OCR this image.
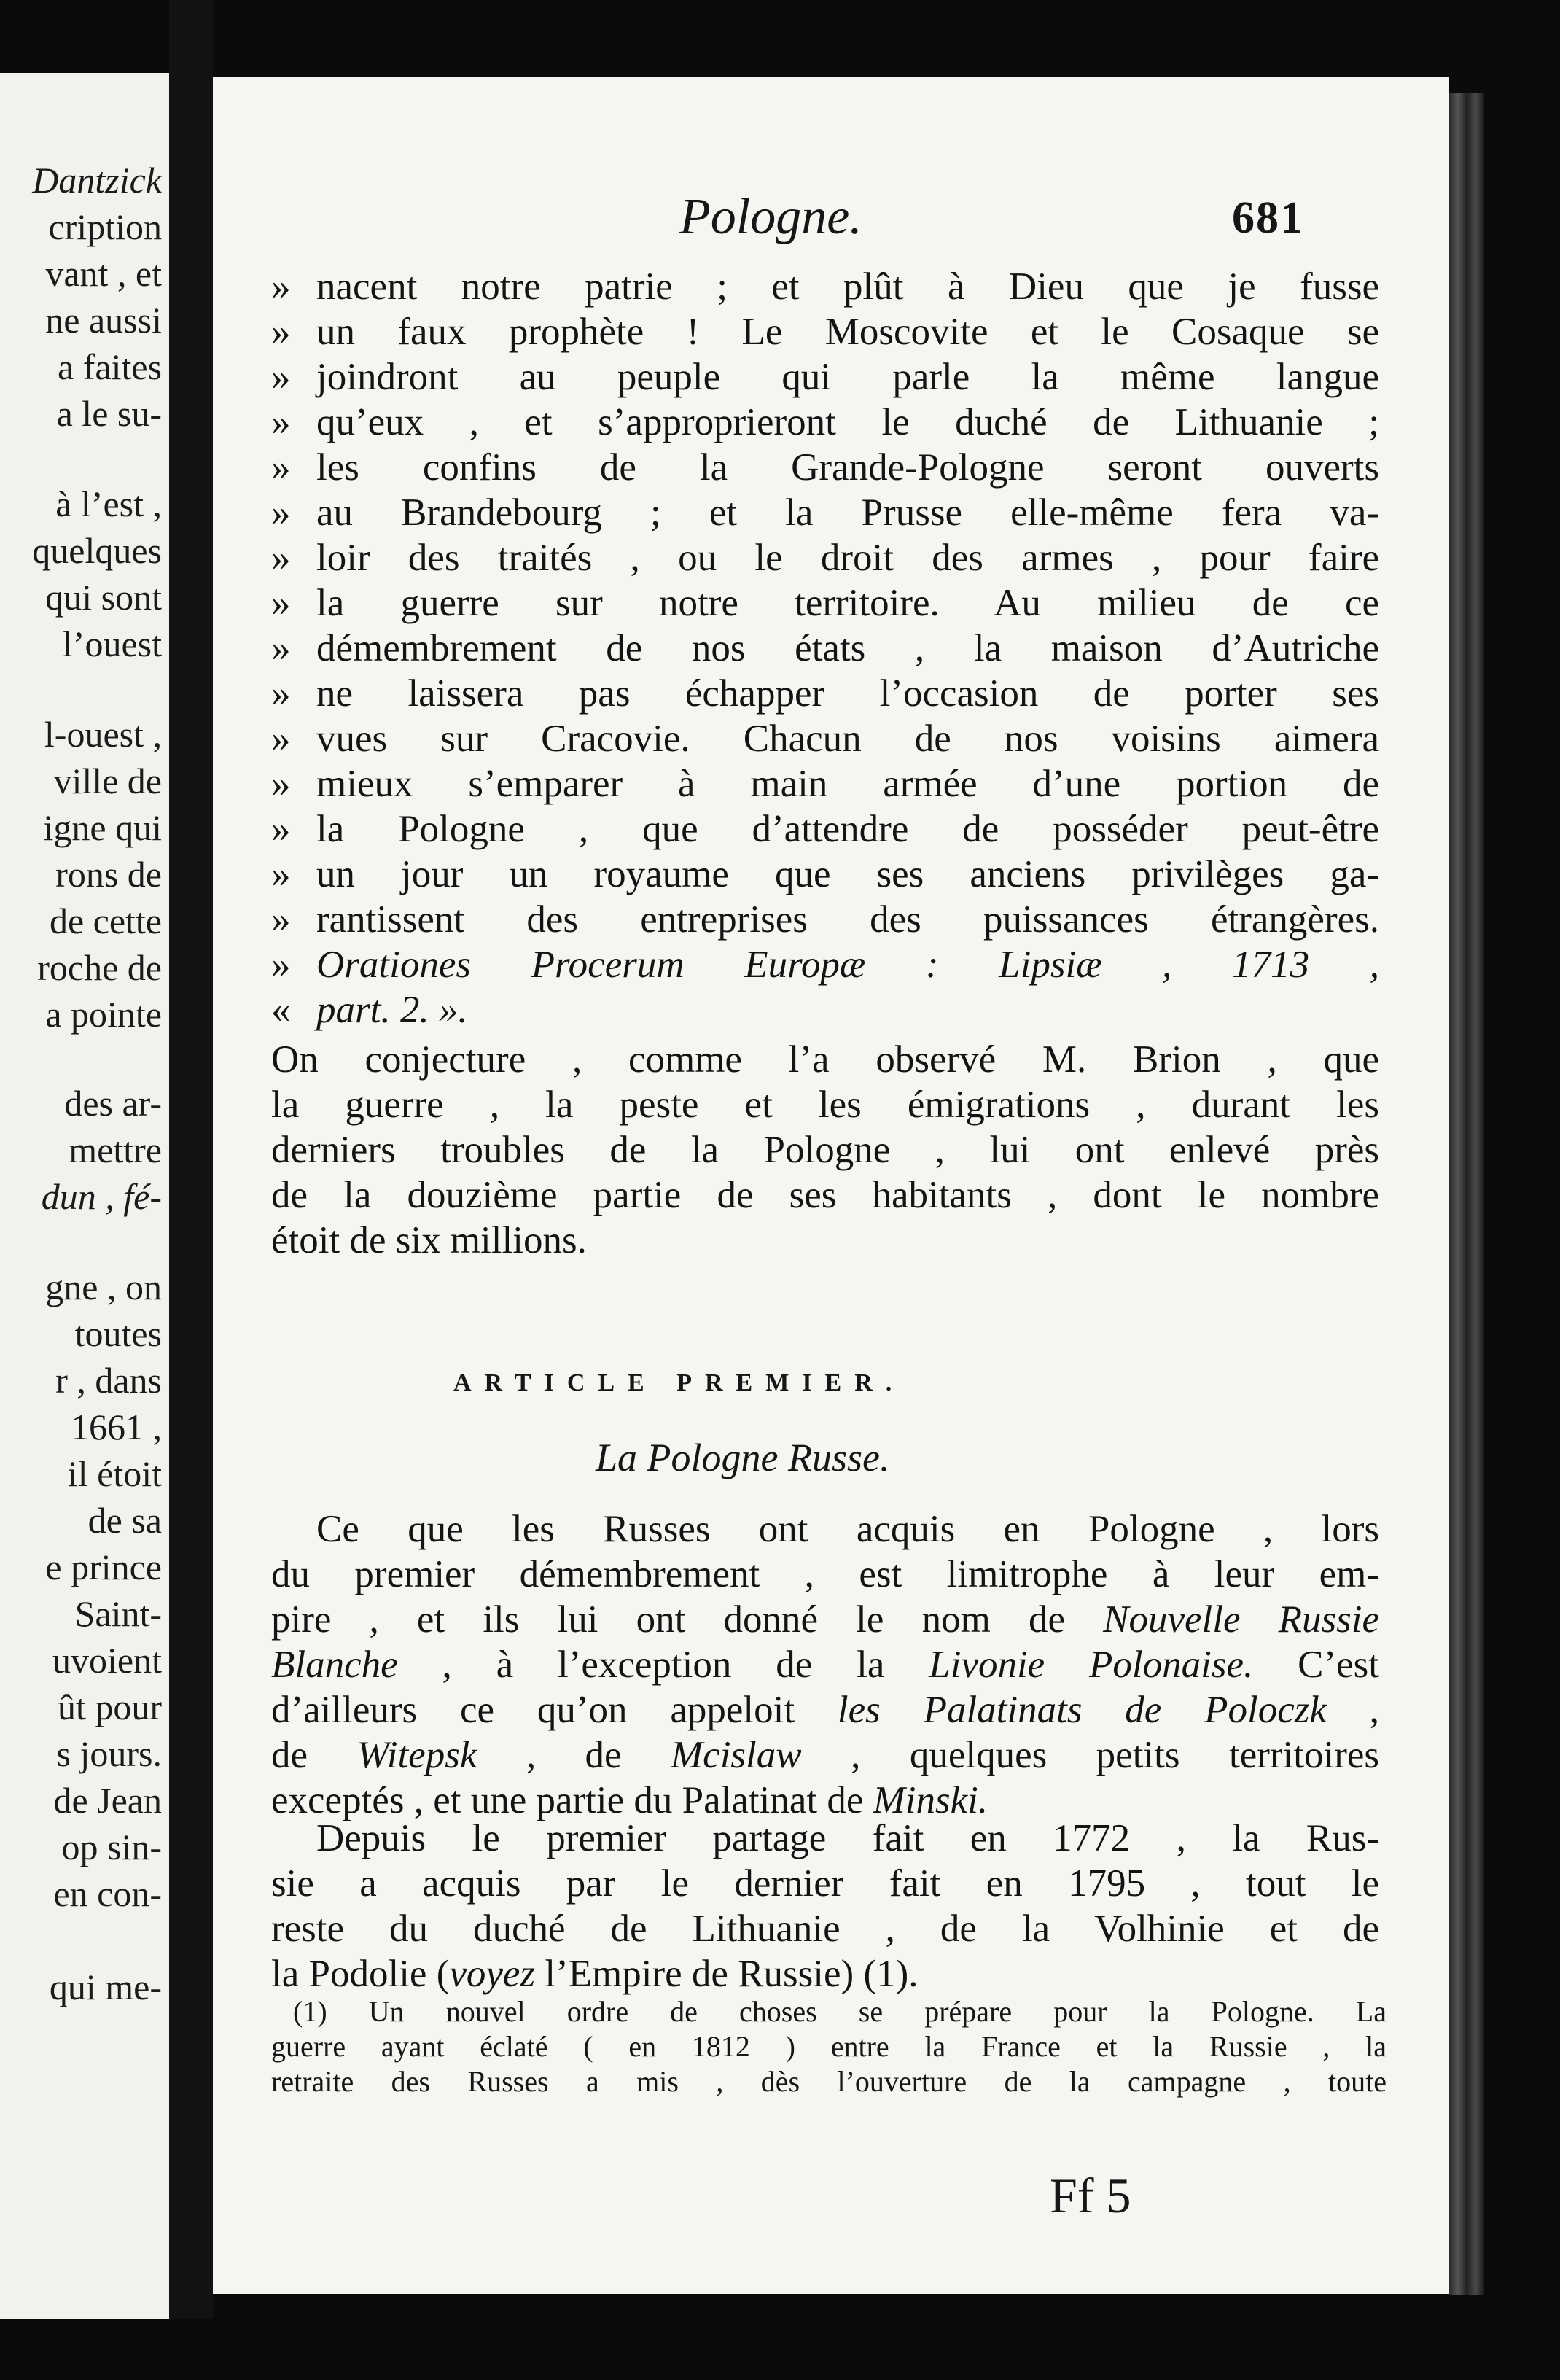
Dantzick
cription
vant , et
ne aussi
a faites
a le su-
à l’est ,
quelques
qui sont
l’ouest
l-ouest ,
ville de
igne qui
rons de
de cette
roche de
a pointe
des ar-
mettre
dun , fé-
gne , on
toutes
r , dans
1661 ,
il étoit
de sa
e prince
Saint-
uvoient
ût pour
s jours.
de Jean
op sin-
en con-
qui me-
Pologne.	681
» nacent notre patrie ; et plût à Dieu que je fusse
» un faux prophète ! Le Moscovite et le Cosaque se
» joindront au peuple qui parle la même langue
» qu’eux , et s’approprieront le duché de Lithuanie ;
» les confins de la Grande-Pologne seront ouverts
» au Brandebourg ; et la Prusse elle-même fera va-
» loir des traités , ou le droit des armes , pour faire
» la guerre sur notre territoire. Au milieu de ce
» démembrement de nos états , la maison d’Autriche
» ne laissera pas échapper l’occasion de porter ses
» vues sur Cracovie. Chacun de nos voisins aimera
» mieux s’emparer à main armée d’une portion de
» la Pologne , que d’attendre de posséder peut-être
» un jour un royaume que ses anciens privilèges ga-
» rantissent des entreprises des puissances étrangères.
» Orationes Procerum Europæ : Lipsiæ , 1713 ,
« part. 2. ».
On conjecture , comme l’a observé M. Brion , que
la guerre , la peste et les émigrations , durant les
derniers troubles de la Pologne , lui ont enlevé près
de la douzième partie de ses habitants , dont le nombre
étoit de six millions.
ARTICLE PREMIER.
La Pologne Russe.
Ce que les Russes ont acquis en Pologne , lors
du premier démembrement , est limitrophe à leur em-
pire , et ils lui ont donné le nom de Nouvelle Russie
Blanche , à l’exception de la Livonie Polonaise. C’est
d’ailleurs ce qu’on appeloit les Palatinats de Poloczk ,
de Witepsk , de Mcislaw , quelques petits territoires
exceptés , et une partie du Palatinat de Minski.
Depuis le premier partage fait en 1772 , la Rus-
sie a acquis par le dernier fait en 1795 , tout le
reste du duché de Lithuanie , de la Volhinie et de
la Podolie (voyez l’Empire de Russie) (1).
(1) Un nouvel ordre de choses se prépare pour la Pologne. La
guerre ayant éclaté ( en 1812 ) entre la France et la Russie , la
retraite des Russes a mis , dès l’ouverture de la campagne , toute
Ff 5
